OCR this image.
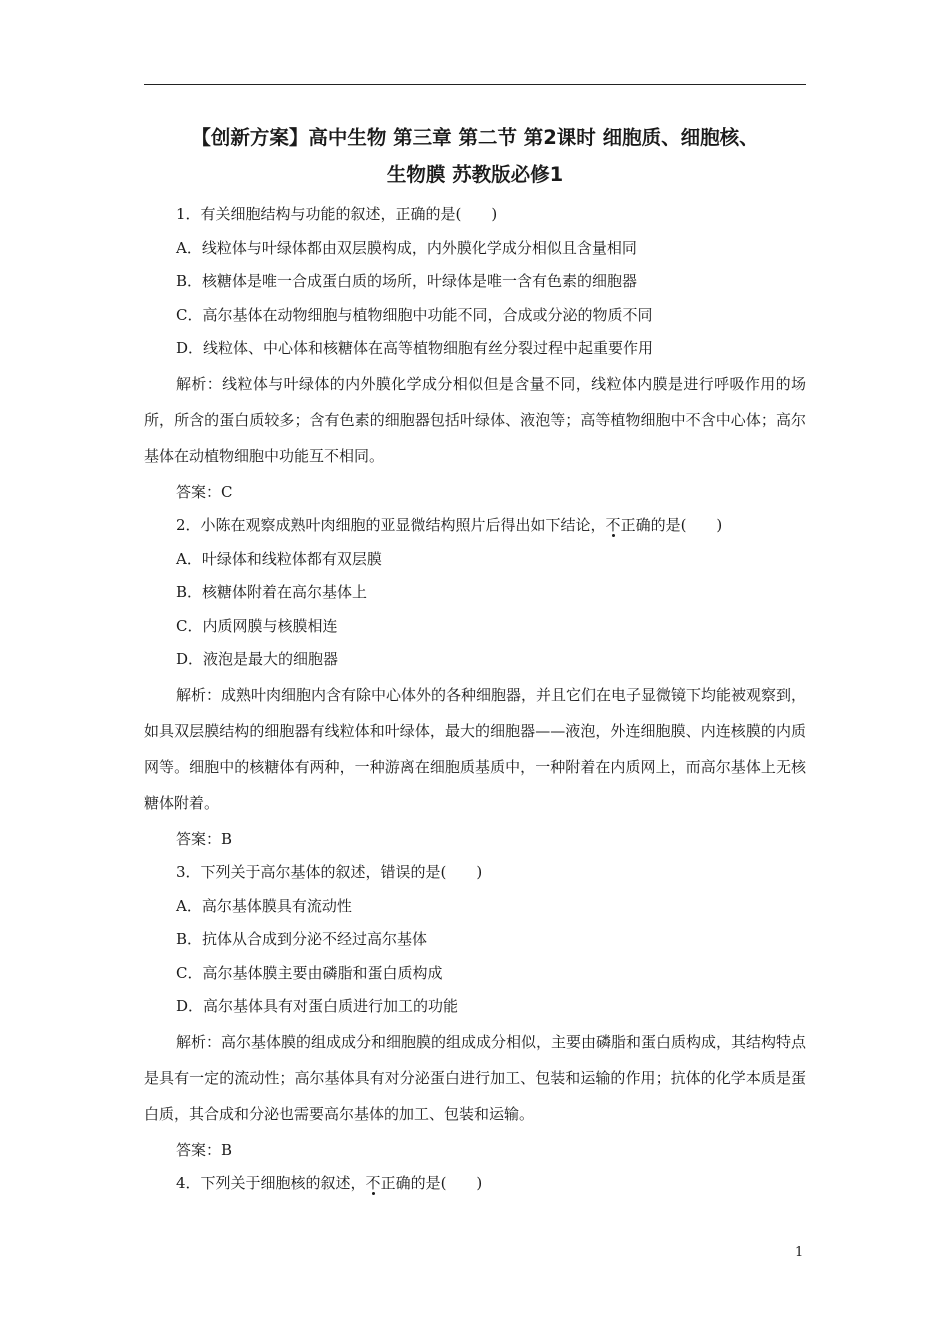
【创新方案】高中生物 第三章 第二节 第2课时 细胞质、细胞核、
生物膜 苏教版必修1
1．有关细胞结构与功能的叙述，正确的是(　　)
A．线粒体与叶绿体都由双层膜构成，内外膜化学成分相似且含量相同
B．核糖体是唯一合成蛋白质的场所，叶绿体是唯一含有色素的细胞器
C．高尔基体在动物细胞与植物细胞中功能不同，合成或分泌的物质不同
D．线粒体、中心体和核糖体在高等植物细胞有丝分裂过程中起重要作用

解析：线粒体与叶绿体的内外膜化学成分相似但是含量不同，线粒体内膜是进行呼吸作用的场所，所含的蛋白质较多；含有色素的细胞器包括叶绿体、液泡等；高等植物细胞中不含中心体；高尔基体在动植物细胞中功能互不相同。

答案：C
2．小陈在观察成熟叶肉细胞的亚显微结构照片后得出如下结论，不正确的是(　　)
A．叶绿体和线粒体都有双层膜
B．核糖体附着在高尔基体上
C．内质网膜与核膜相连
D．液泡是最大的细胞器

解析：成熟叶肉细胞内含有除中心体外的各种细胞器，并且它们在电子显微镜下均能被观察到，如具双层膜结构的细胞器有线粒体和叶绿体，最大的细胞器——液泡，外连细胞膜、内连核膜的内质网等。细胞中的核糖体有两种，一种游离在细胞质基质中，一种附着在内质网上，而高尔基体上无核糖体附着。

答案：B
3．下列关于高尔基体的叙述，错误的是(　　)
A．高尔基体膜具有流动性
B．抗体从合成到分泌不经过高尔基体
C．高尔基体膜主要由磷脂和蛋白质构成
D．高尔基体具有对蛋白质进行加工的功能

解析：高尔基体膜的组成成分和细胞膜的组成成分相似，主要由磷脂和蛋白质构成，其结构特点是具有一定的流动性；高尔基体具有对分泌蛋白进行加工、包装和运输的作用；抗体的化学本质是蛋白质，其合成和分泌也需要高尔基体的加工、包装和运输。

答案：B
4．下列关于细胞核的叙述，不正确的是(　　)
1
